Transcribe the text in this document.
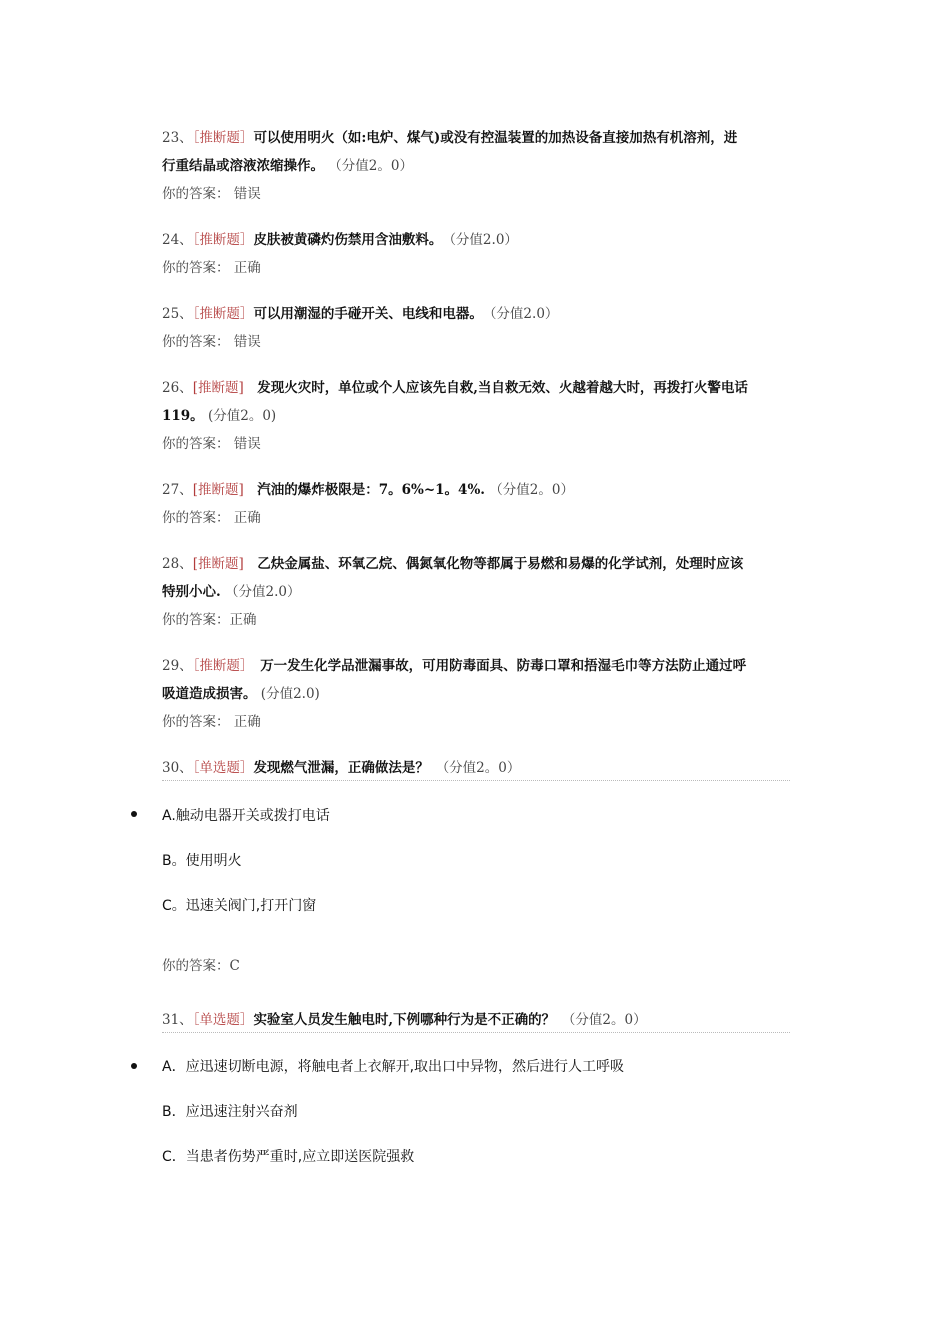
23、［推断题］可以使用明火（如:电炉、煤气)或没有控温装置的加热设备直接加热有机溶剂，进
行重结晶或溶液浓缩操作。 （分值2。0）
你的答案： 错误
24、［推断题］皮肤被黄磷灼伤禁用含油敷料。　 （分值2.0）
你的答案： 正确
25、［推断题］可以用潮湿的手碰开关、电线和电器。　 （分值2.0）
你的答案： 错误
26、[推断题]　 发现火灾时，单位或个人应该先自救,当自救无效、火越着越大时，再拨打火警电话
119。 (分值2。0)
你的答案： 错误
27、[推断题]　 汽油的爆炸极限是：7。6%~1。4%. （分值2。0）
你的答案： 正确
28、[推断题]　 乙炔金属盐、环氧乙烷、偶氮氧化物等都属于易燃和易爆的化学试剂，处理时应该
特别小心. （分值2.0）
你的答案：正确
29、［推断题］　 万一发生化学品泄漏事故，可用防毒面具、防毒口罩和捂湿毛巾等方法防止通过呼
吸道造成损害。 (分值2.0)
你的答案： 正确
30、［单选题］发现燃气泄漏，正确做法是？　 （分值2。0）
A.触动电器开关或拨打电话
B。使用明火
C。迅速关阀门,打开门窗
你的答案：C
31、［单选题］实验室人员发生触电时,下例哪种行为是不正确的？　 （分值2。0）
A．应迅速切断电源，将触电者上衣解开,取出口中异物，然后进行人工呼吸
B．应迅速注射兴奋剂
C．当患者伤势严重时,应立即送医院强救
